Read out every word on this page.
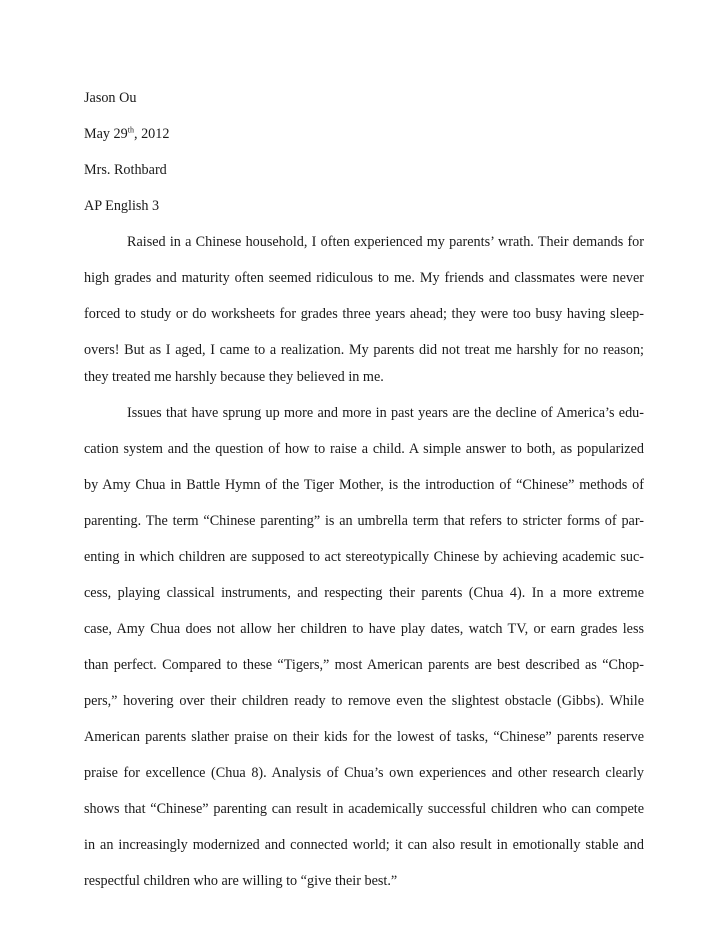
Jason Ou
May 29th, 2012
Mrs. Rothbard
AP English 3
Raised in a Chinese household, I often experienced my parents’ wrath. Their demands for
high grades and maturity often seemed ridiculous to me. My friends and classmates were never
forced to study or do worksheets for grades three years ahead; they were too busy having sleep-
overs! But as I aged, I came to a realization. My parents did not treat me harshly for no reason;
they treated me harshly because they believed in me.
Issues that have sprung up more and more in past years are the decline of America’s edu-
cation system and the question of how to raise a child. A simple answer to both, as popularized
by Amy Chua in Battle Hymn of the Tiger Mother, is the introduction of “Chinese” methods of
parenting. The term “Chinese parenting” is an umbrella term that refers to stricter forms of par-
enting in which children are supposed to act stereotypically Chinese by achieving academic suc-
cess, playing classical instruments, and respecting their parents (Chua 4). In a more extreme
case, Amy Chua does not allow her children to have play dates, watch TV, or earn grades less
than perfect. Compared to these “Tigers,” most American parents are best described as “Chop-
pers,” hovering over their children ready to remove even the slightest obstacle (Gibbs). While
American parents slather praise on their kids for the lowest of tasks, “Chinese” parents reserve
praise for excellence (Chua 8). Analysis of Chua’s own experiences and other research clearly
shows that “Chinese” parenting can result in academically successful children who can compete
in an increasingly modernized and connected world; it can also result in emotionally stable and
respectful children who are willing to “give their best.”
